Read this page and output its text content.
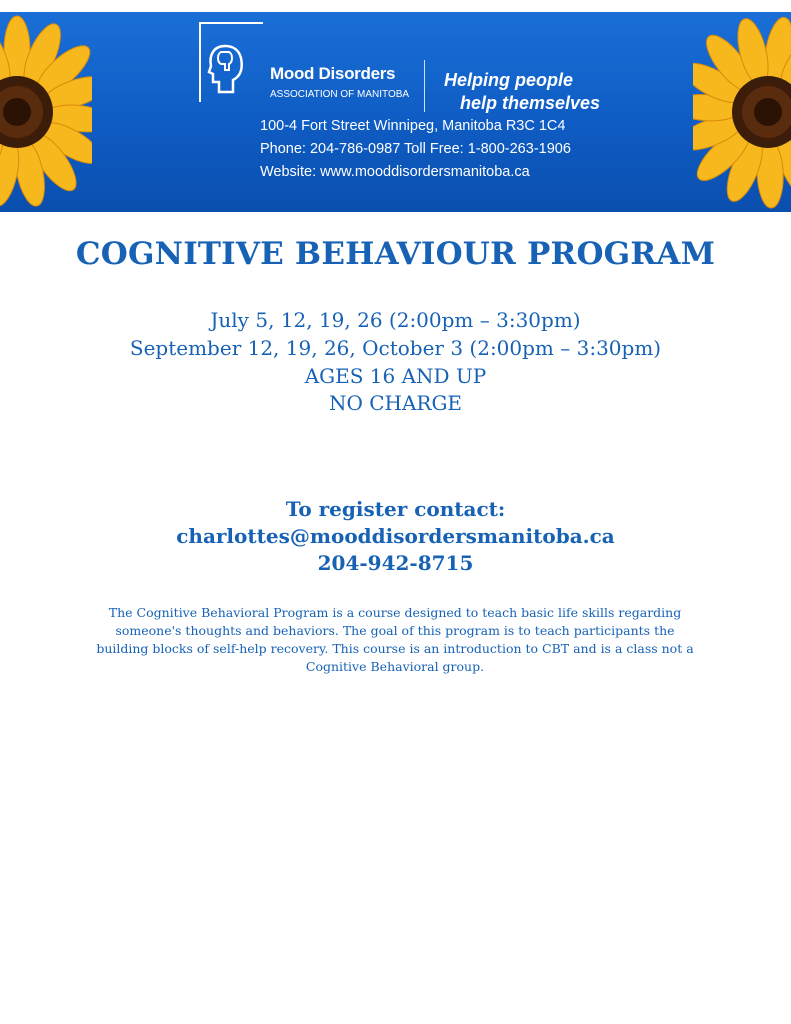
Mood Disorders
ASSOCIATION OF MANITOBA
Helping people
help themselves
100-4 Fort Street Winnipeg, Manitoba R3C 1C4
Phone: 204-786-0987 Toll Free: 1-800-263-1906
Website: www.mooddisordersmanitoba.ca
COGNITIVE BEHAVIOUR PROGRAM
July 5, 12, 19, 26 (2:00pm – 3:30pm)
September 12, 19, 26, October 3 (2:00pm – 3:30pm)
AGES 16 AND UP
NO CHARGE
To register contact:
charlottes@mooddisordersmanitoba.ca
204-942-8715
The Cognitive Behavioral Program is a course designed to teach basic life skills regarding someone's thoughts and behaviors. The goal of this program is to teach participants the building blocks of self-help recovery. This course is an introduction to CBT and is a class not a Cognitive Behavioral group.
